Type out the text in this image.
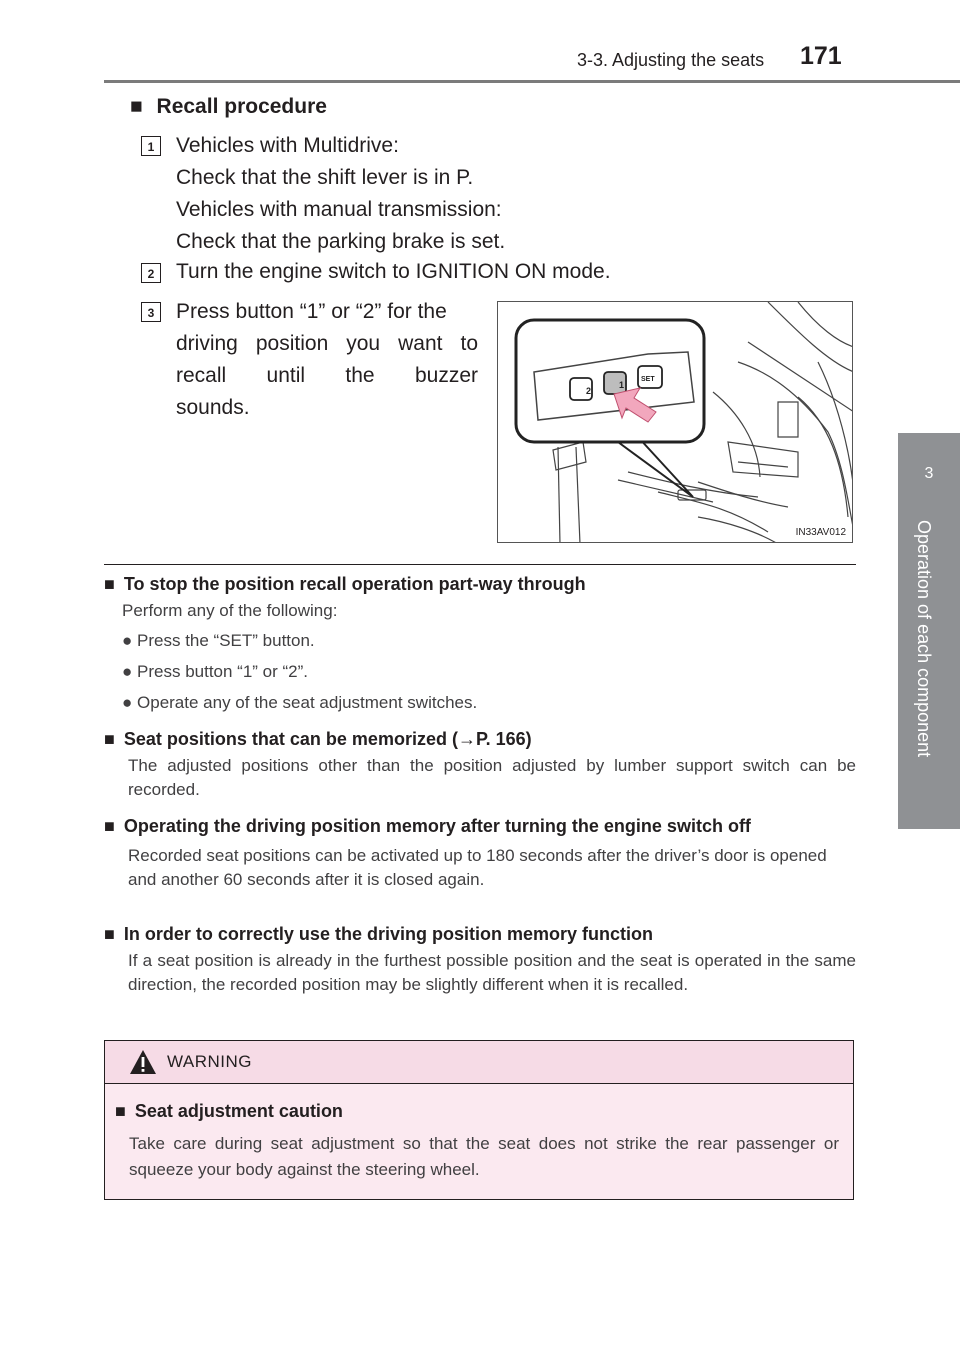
3-3. Adjusting the seats 171
3
Operation of each component
■ Recall procedure
1	Vehicles with Multidrive:
Check that the shift lever is in P.
Vehicles with manual transmission:
Check that the parking brake is set.
2	Turn the engine switch to IGNITION ON mode.
3	Press button “1” or “2” for the
driving position you want to
recall until the buzzer
sounds.
2
1
SET
IN33AV012
■ To stop the position recall operation part-way through
Perform any of the following:
● Press the “SET” button.
● Press button “1” or “2”.
● Operate any of the seat adjustment switches.
■ Seat positions that can be memorized (→P. 166)
The adjusted positions other than the position adjusted by lumber support switch can be recorded.
■ Operating the driving position memory after turning the engine switch off
Recorded seat positions can be activated up to 180 seconds after the driver’s door is opened and another 60 seconds after it is closed again.
■ In order to correctly use the driving position memory function
If a seat position is already in the furthest possible position and the seat is operated in the same direction, the recorded position may be slightly different when it is recalled.
WARNING
■ Seat adjustment caution
Take care during seat adjustment so that the seat does not strike the rear passenger or squeeze your body against the steering wheel.
